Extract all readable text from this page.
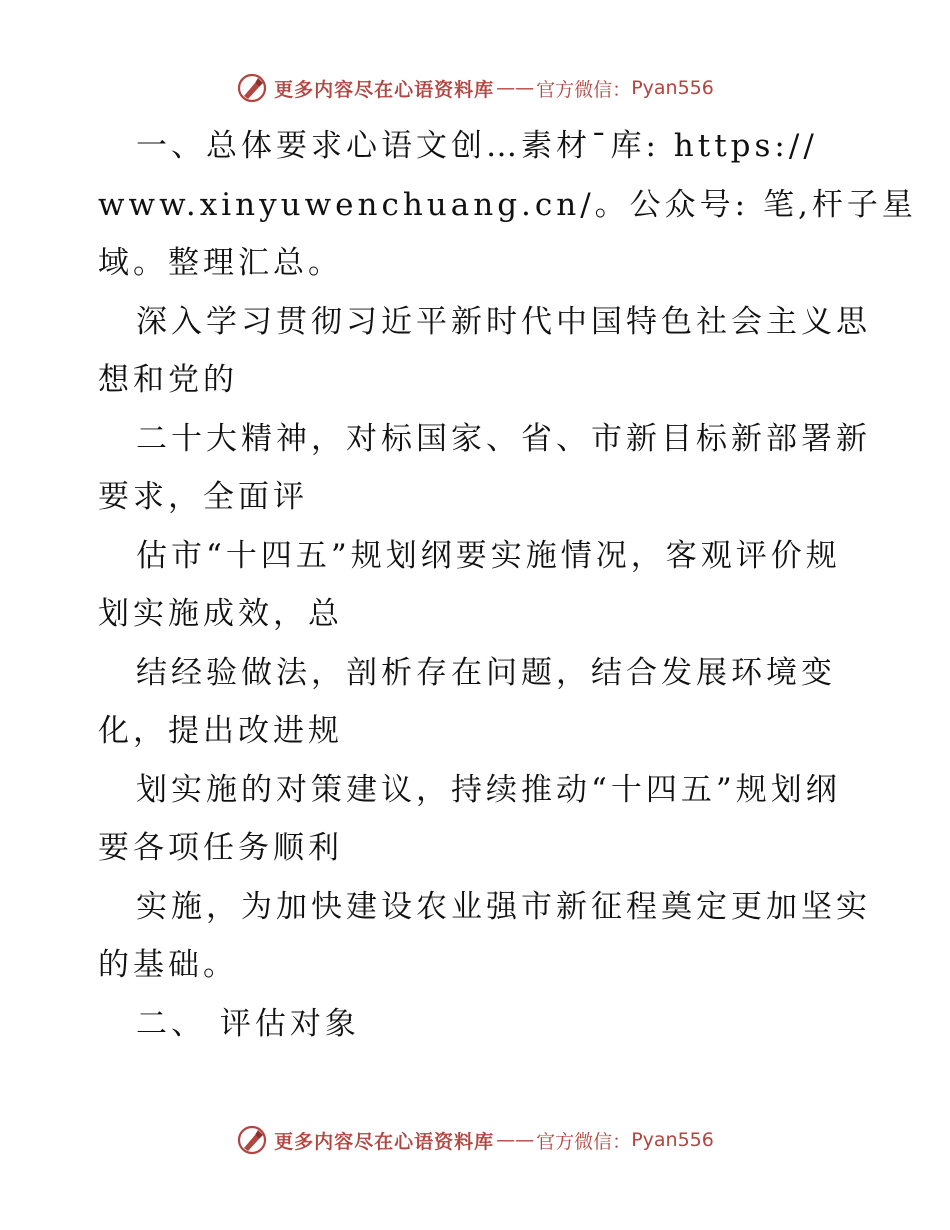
更多内容尽在心语资料库 —— 官方微信： Pyan556
一、总体要求心语文创…素材¯库: https://
www.xinyuwenchuang.cn/。公众号: 笔,杆子星
域。整理汇总。
深入学习贯彻习近平新时代中国特色社会主义思
想和党的
二十大精神，对标国家、省、市新目标新部署新
要求，全面评
估市“十四五”规划纲要实施情况，客观评价规
划实施成效，总
结经验做法，剖析存在问题，结合发展环境变
化，提出改进规
划实施的对策建议，持续推动“十四五”规划纲
要各项任务顺利
实施，为加快建设农业强市新征程奠定更加坚实
的基础。
二、 评估对象
更多内容尽在心语资料库 —— 官方微信： Pyan556
